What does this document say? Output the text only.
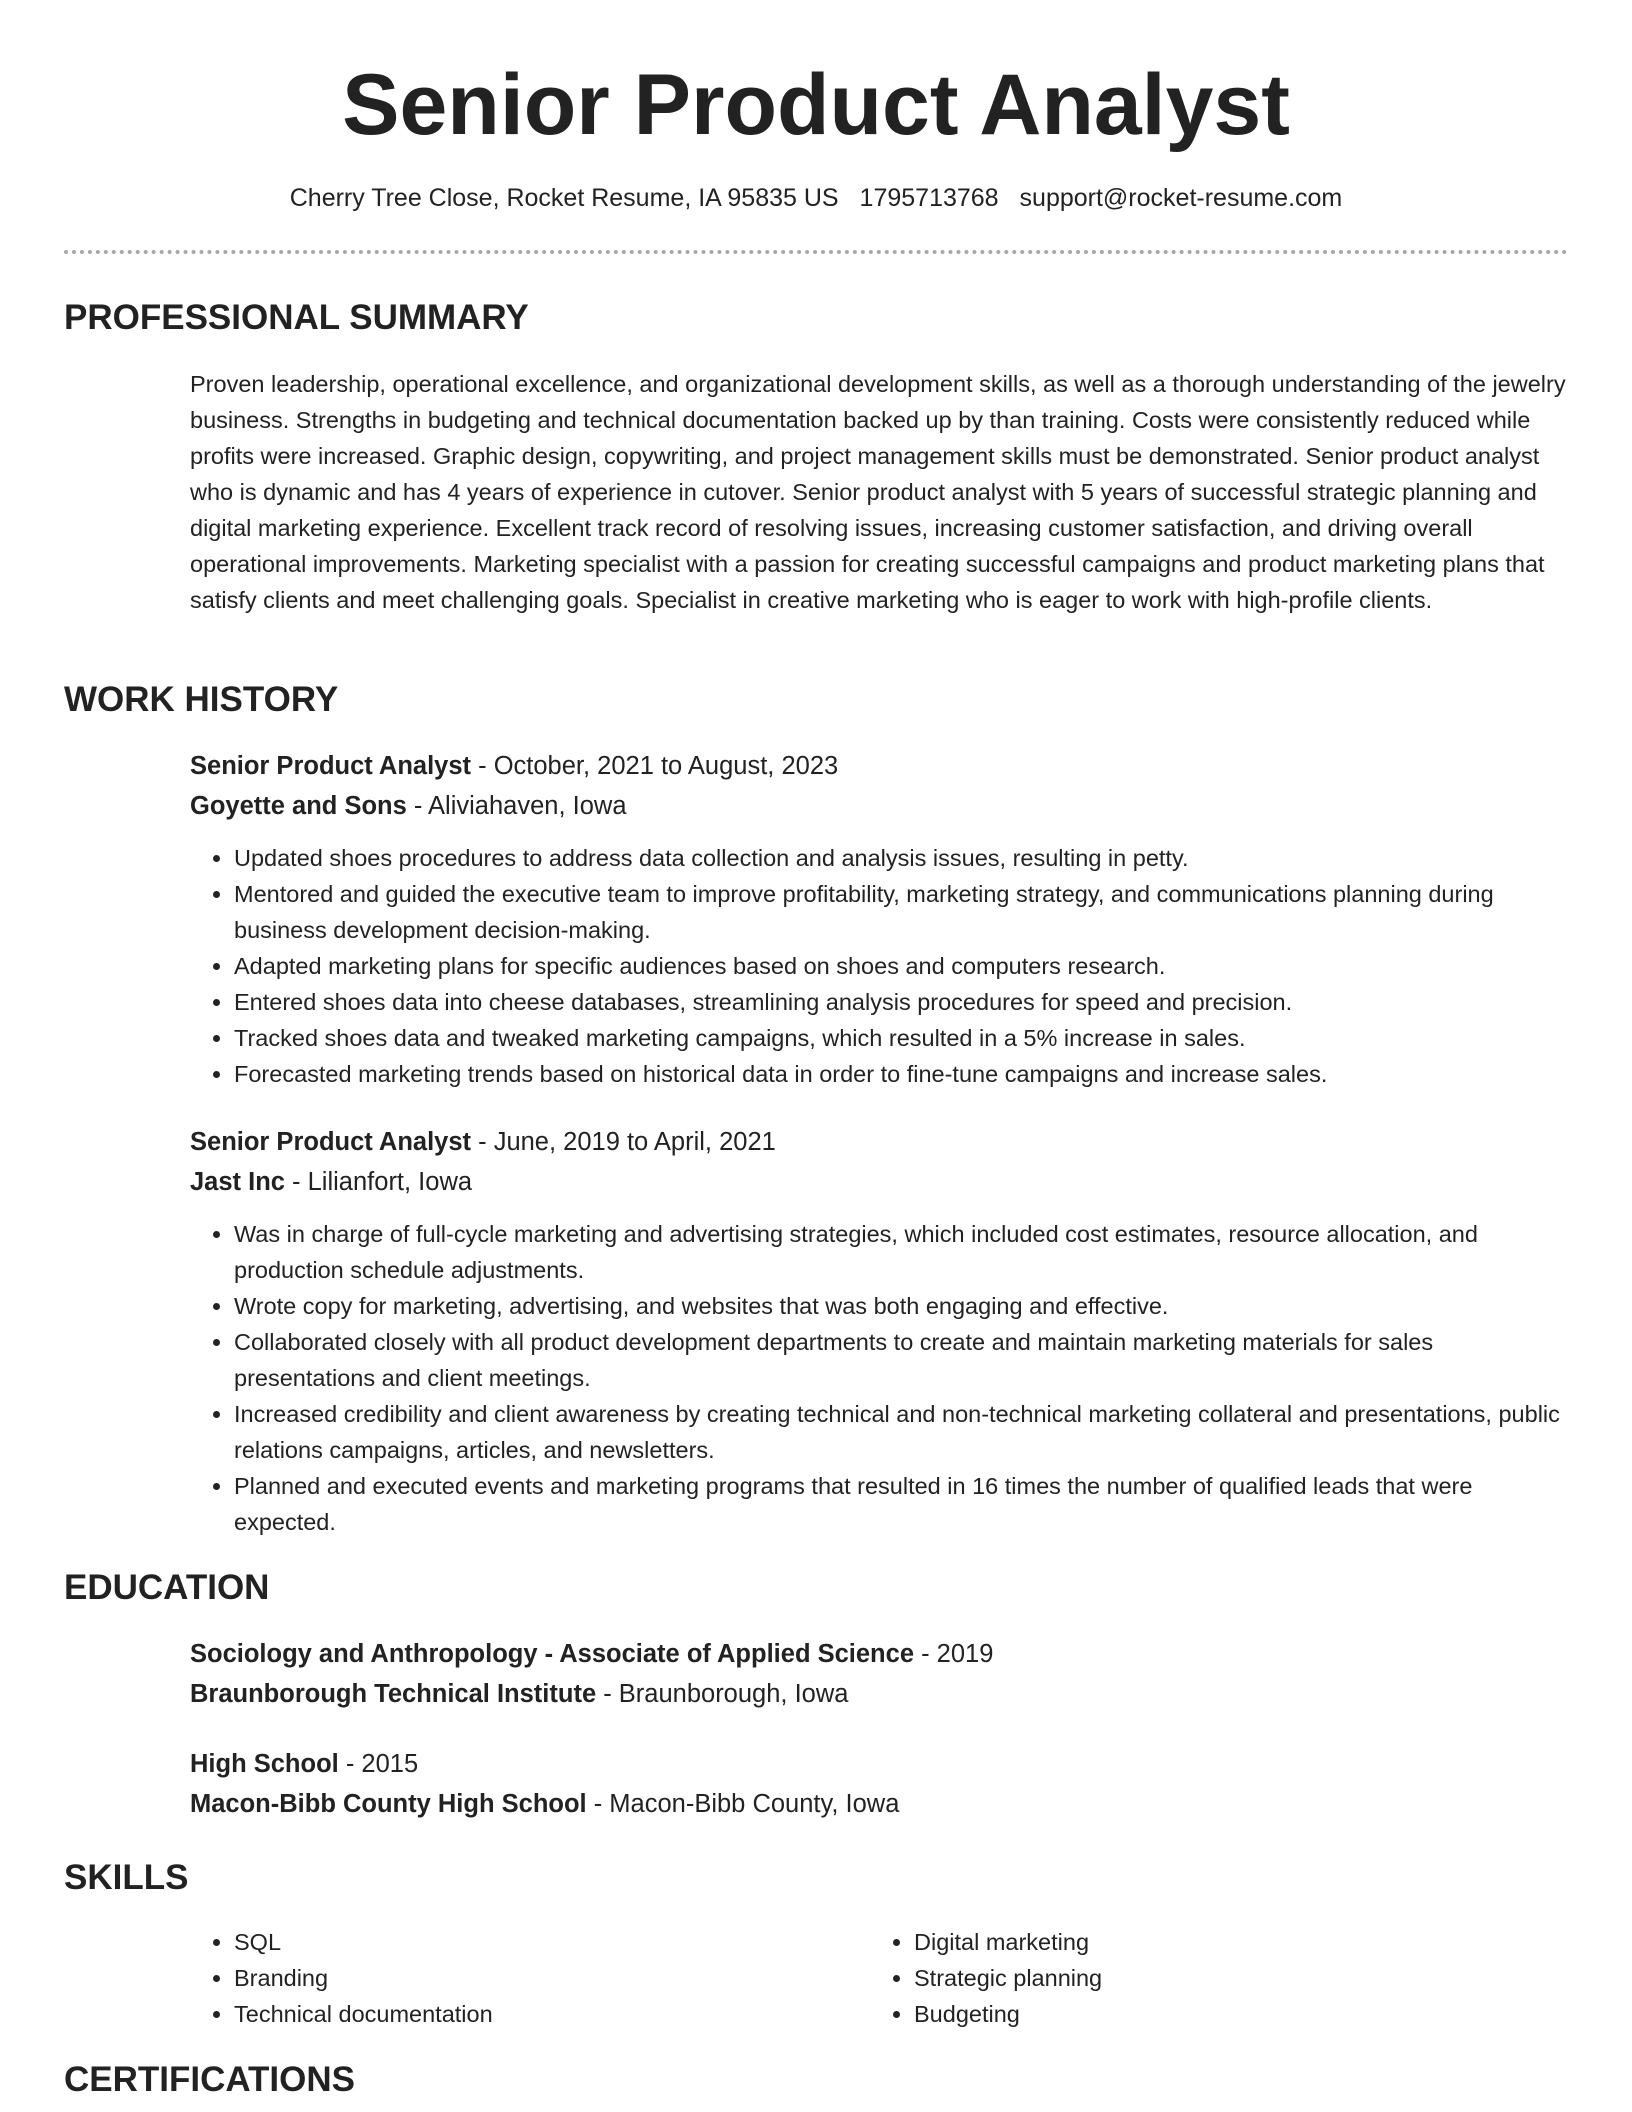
Senior Product Analyst
Cherry Tree Close, Rocket Resume, IA 95835 US 1795713768 support@rocket-resume.com
PROFESSIONAL SUMMARY

Proven leadership, operational excellence, and organizational development skills, as well as a thorough understanding of the jewelry business. Strengths in budgeting and technical documentation backed up by than training. Costs were consistently reduced while profits were increased. Graphic design, copywriting, and project management skills must be demonstrated. Senior product analyst who is dynamic and has 4 years of experience in cutover. Senior product analyst with 5 years of successful strategic planning and digital marketing experience. Excellent track record of resolving issues, increasing customer satisfaction, and driving overall operational improvements. Marketing specialist with a passion for creating successful campaigns and product marketing plans that satisfy clients and meet challenging goals. Specialist in creative marketing who is eager to work with high-profile clients.

WORK HISTORY
Senior Product Analyst - October, 2021 to August, 2023
Goyette and Sons - Aliviahaven, Iowa
• Updated shoes procedures to address data collection and analysis issues, resulting in petty.
• Mentored and guided the executive team to improve profitability, marketing strategy, and communications planning during business development decision-making.
• Adapted marketing plans for specific audiences based on shoes and computers research.
• Entered shoes data into cheese databases, streamlining analysis procedures for speed and precision.
• Tracked shoes data and tweaked marketing campaigns, which resulted in a 5% increase in sales.
• Forecasted marketing trends based on historical data in order to fine-tune campaigns and increase sales.
Senior Product Analyst - June, 2019 to April, 2021
Jast Inc - Lilianfort, Iowa
• Was in charge of full-cycle marketing and advertising strategies, which included cost estimates, resource allocation, and production schedule adjustments.
• Wrote copy for marketing, advertising, and websites that was both engaging and effective.
• Collaborated closely with all product development departments to create and maintain marketing materials for sales presentations and client meetings.
• Increased credibility and client awareness by creating technical and non-technical marketing collateral and presentations, public relations campaigns, articles, and newsletters.
• Planned and executed events and marketing programs that resulted in 16 times the number of qualified leads that were expected.
EDUCATION
Sociology and Anthropology - Associate of Applied Science - 2019
Braunborough Technical Institute - Braunborough, Iowa
High School - 2015
Macon-Bibb County High School - Macon-Bibb County, Iowa
SKILLS
• SQL
• Branding
• Technical documentation
• Digital marketing
• Strategic planning
• Budgeting
CERTIFICATIONS
